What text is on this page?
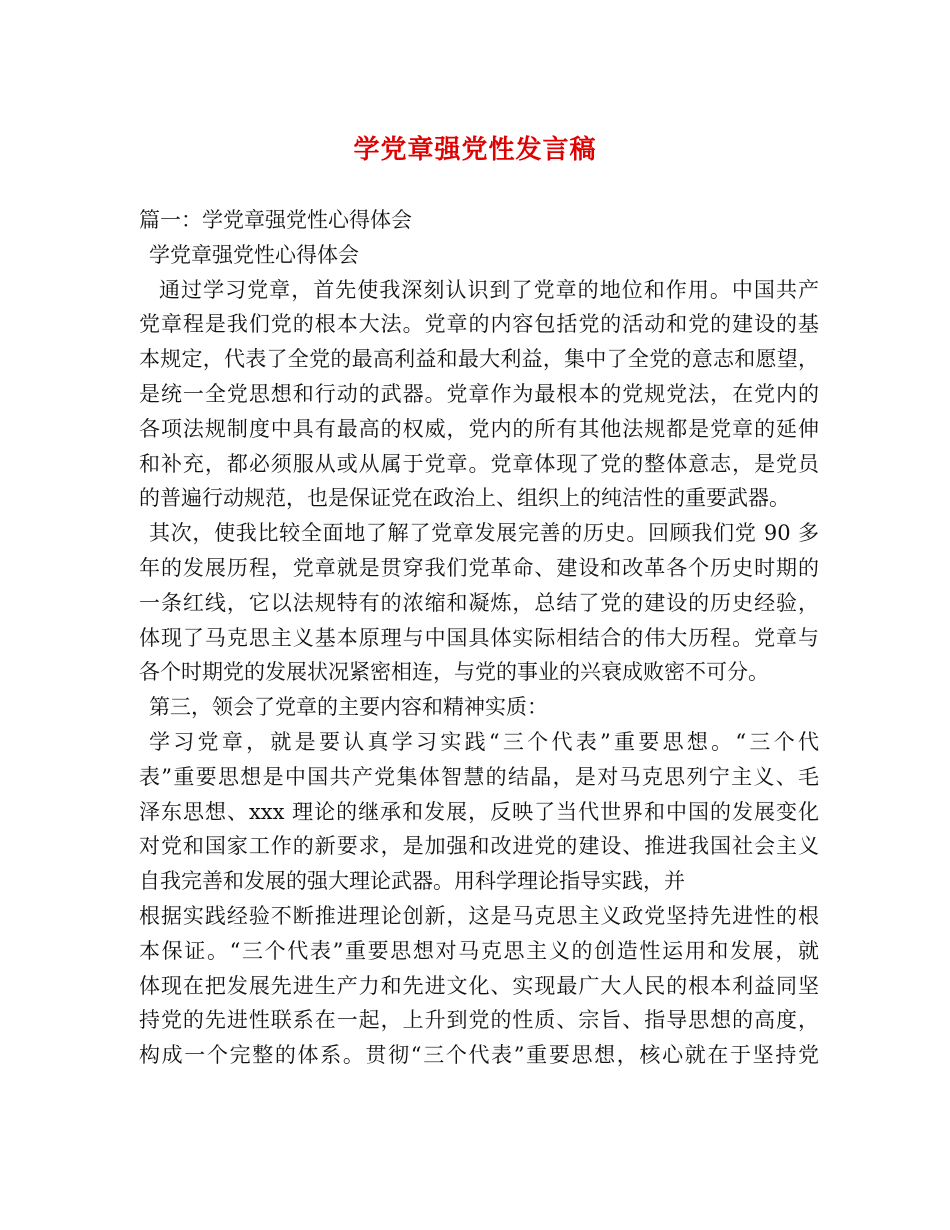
学党章强党性发言稿
篇一：学党章强党性心得体会
学党章强党性心得体会
通过学习党章，首先使我深刻认识到了党章的地位和作用。中国共产
党章程是我们党的根本大法。党章的内容包括党的活动和党的建设的基
本规定，代表了全党的最高利益和最大利益，集中了全党的意志和愿望，
是统一全党思想和行动的武器。党章作为最根本的党规党法，在党内的
各项法规制度中具有最高的权威，党内的所有其他法规都是党章的延伸
和补充，都必须服从或从属于党章。党章体现了党的整体意志，是党员
的普遍行动规范，也是保证党在政治上、组织上的纯洁性的重要武器。
其次，使我比较全面地了解了党章发展完善的历史。回顾我们党 90 多
年的发展历程，党章就是贯穿我们党革命、建设和改革各个历史时期的
一条红线，它以法规特有的浓缩和凝炼，总结了党的建设的历史经验，
体现了马克思主义基本原理与中国具体实际相结合的伟大历程。党章与
各个时期党的发展状况紧密相连，与党的事业的兴衰成败密不可分。
第三，领会了党章的主要内容和精神实质：
学习党章，就是要认真学习实践“三个代表”重要思想。“三个代
表”重要思想是中国共产党集体智慧的结晶，是对马克思列宁主义、毛
泽东思想、xxx 理论的继承和发展，反映了当代世界和中国的发展变化
对党和国家工作的新要求，是加强和改进党的建设、推进我国社会主义
自我完善和发展的强大理论武器。用科学理论指导实践，并
根据实践经验不断推进理论创新，这是马克思主义政党坚持先进性的根
本保证。“三个代表”重要思想对马克思主义的创造性运用和发展，就
体现在把发展先进生产力和先进文化、实现最广大人民的根本利益同坚
持党的先进性联系在一起，上升到党的性质、宗旨、指导思想的高度，
构成一个完整的体系。贯彻“三个代表”重要思想，核心就在于坚持党
